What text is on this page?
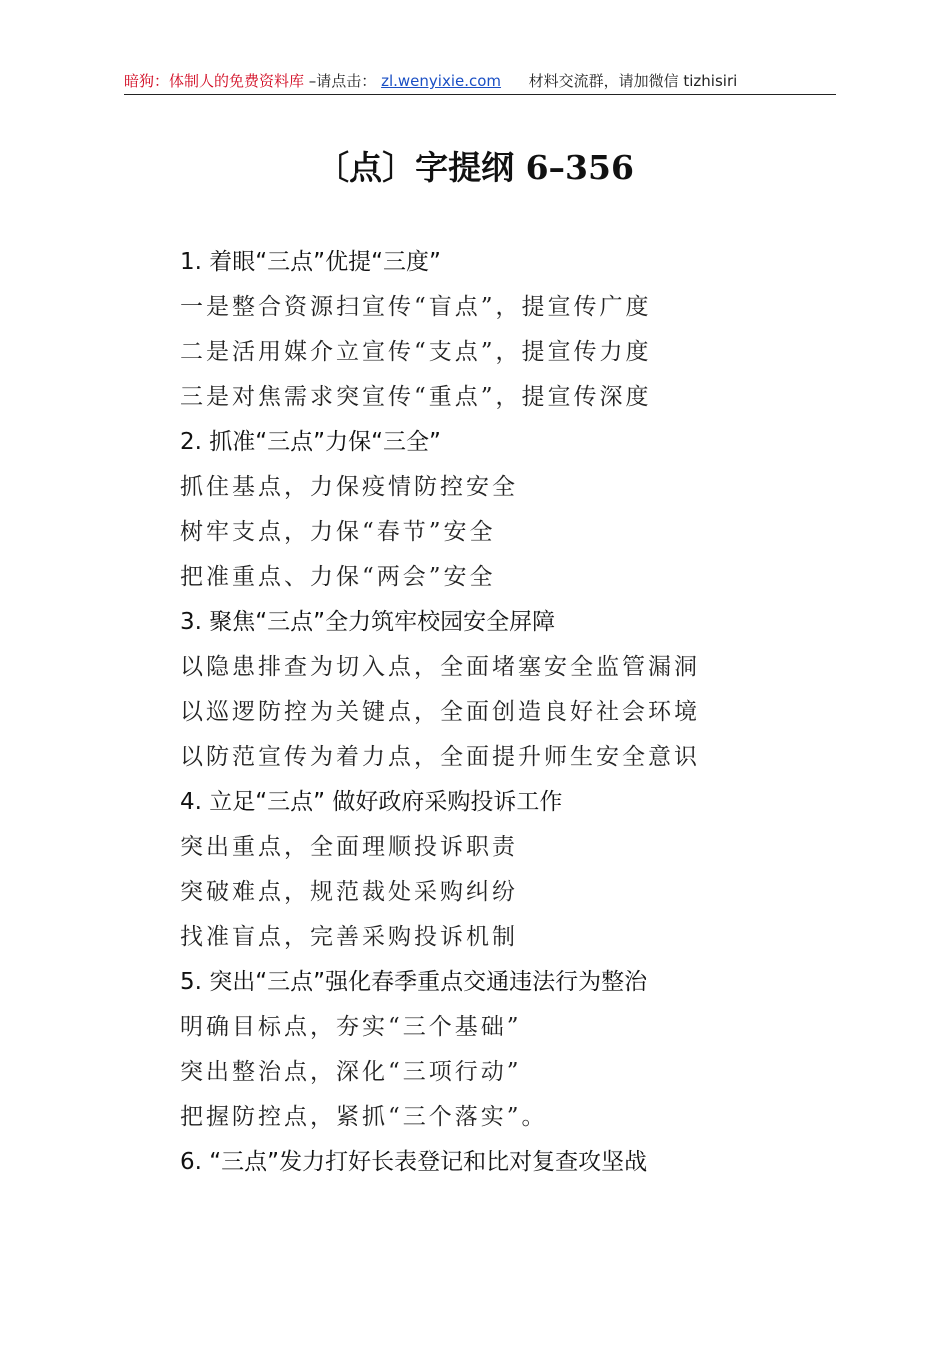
暗狗：体制人的免费资料库 –请点击： zl.wenyixie.com 材料交流群，请加微信 tizhisiri
〔点〕字提纲 6–356
1. 着眼“三点”优提“三度”
一是整合资源扫宣传“盲点”，提宣传广度
二是活用媒介立宣传“支点”，提宣传力度
三是对焦需求突宣传“重点”，提宣传深度
2. 抓准“三点”力保“三全”
抓住基点，力保疫情防控安全
树牢支点，力保“春节”安全
把准重点、力保“两会”安全
3. 聚焦“三点”全力筑牢校园安全屏障
以隐患排查为切入点，全面堵塞安全监管漏洞
以巡逻防控为关键点，全面创造良好社会环境
以防范宣传为着力点，全面提升师生安全意识
4. 立足“三点” 做好政府采购投诉工作
突出重点，全面理顺投诉职责
突破难点，规范裁处采购纠纷
找准盲点，完善采购投诉机制
5. 突出“三点”强化春季重点交通违法行为整治
明确目标点，夯实“三个基础”
突出整治点，深化“三项行动”
把握防控点，紧抓“三个落实”。
6. “三点”发力打好长表登记和比对复查攻坚战
